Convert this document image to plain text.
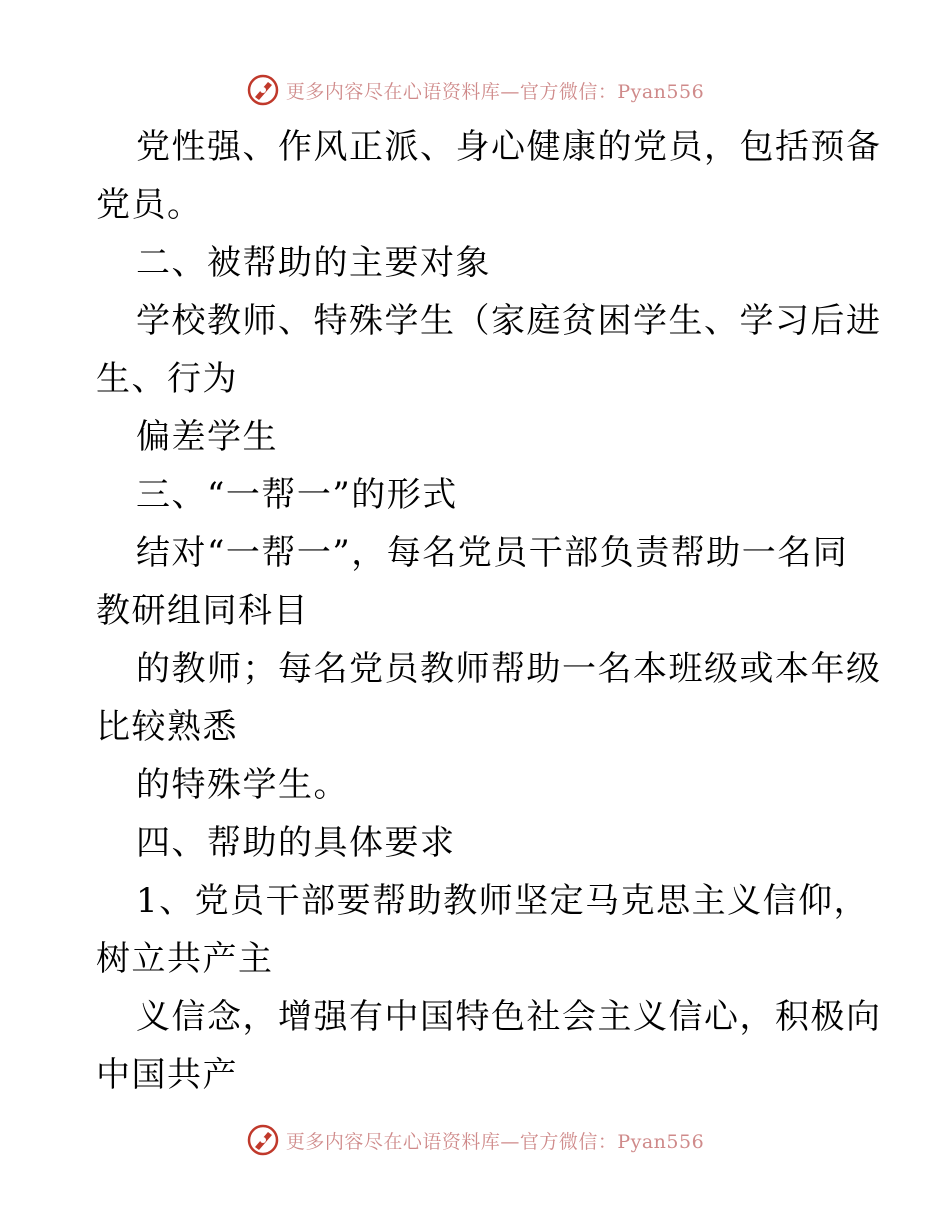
更多内容尽在心语资料库—官方微信：Pyan556
党性强、作风正派、身心健康的党员，包括预备
党员。
二、被帮助的主要对象
学校教师、特殊学生（家庭贫困学生、学习后进
生、行为
偏差学生
三、“一帮一”的形式
结对“一帮一”，每名党员干部负责帮助一名同
教研组同科目
的教师；每名党员教师帮助一名本班级或本年级
比较熟悉
的特殊学生。
四、帮助的具体要求
1、党员干部要帮助教师坚定马克思主义信仰，
树立共产主
义信念，增强有中国特色社会主义信心，积极向
中国共产
更多内容尽在心语资料库—官方微信：Pyan556
